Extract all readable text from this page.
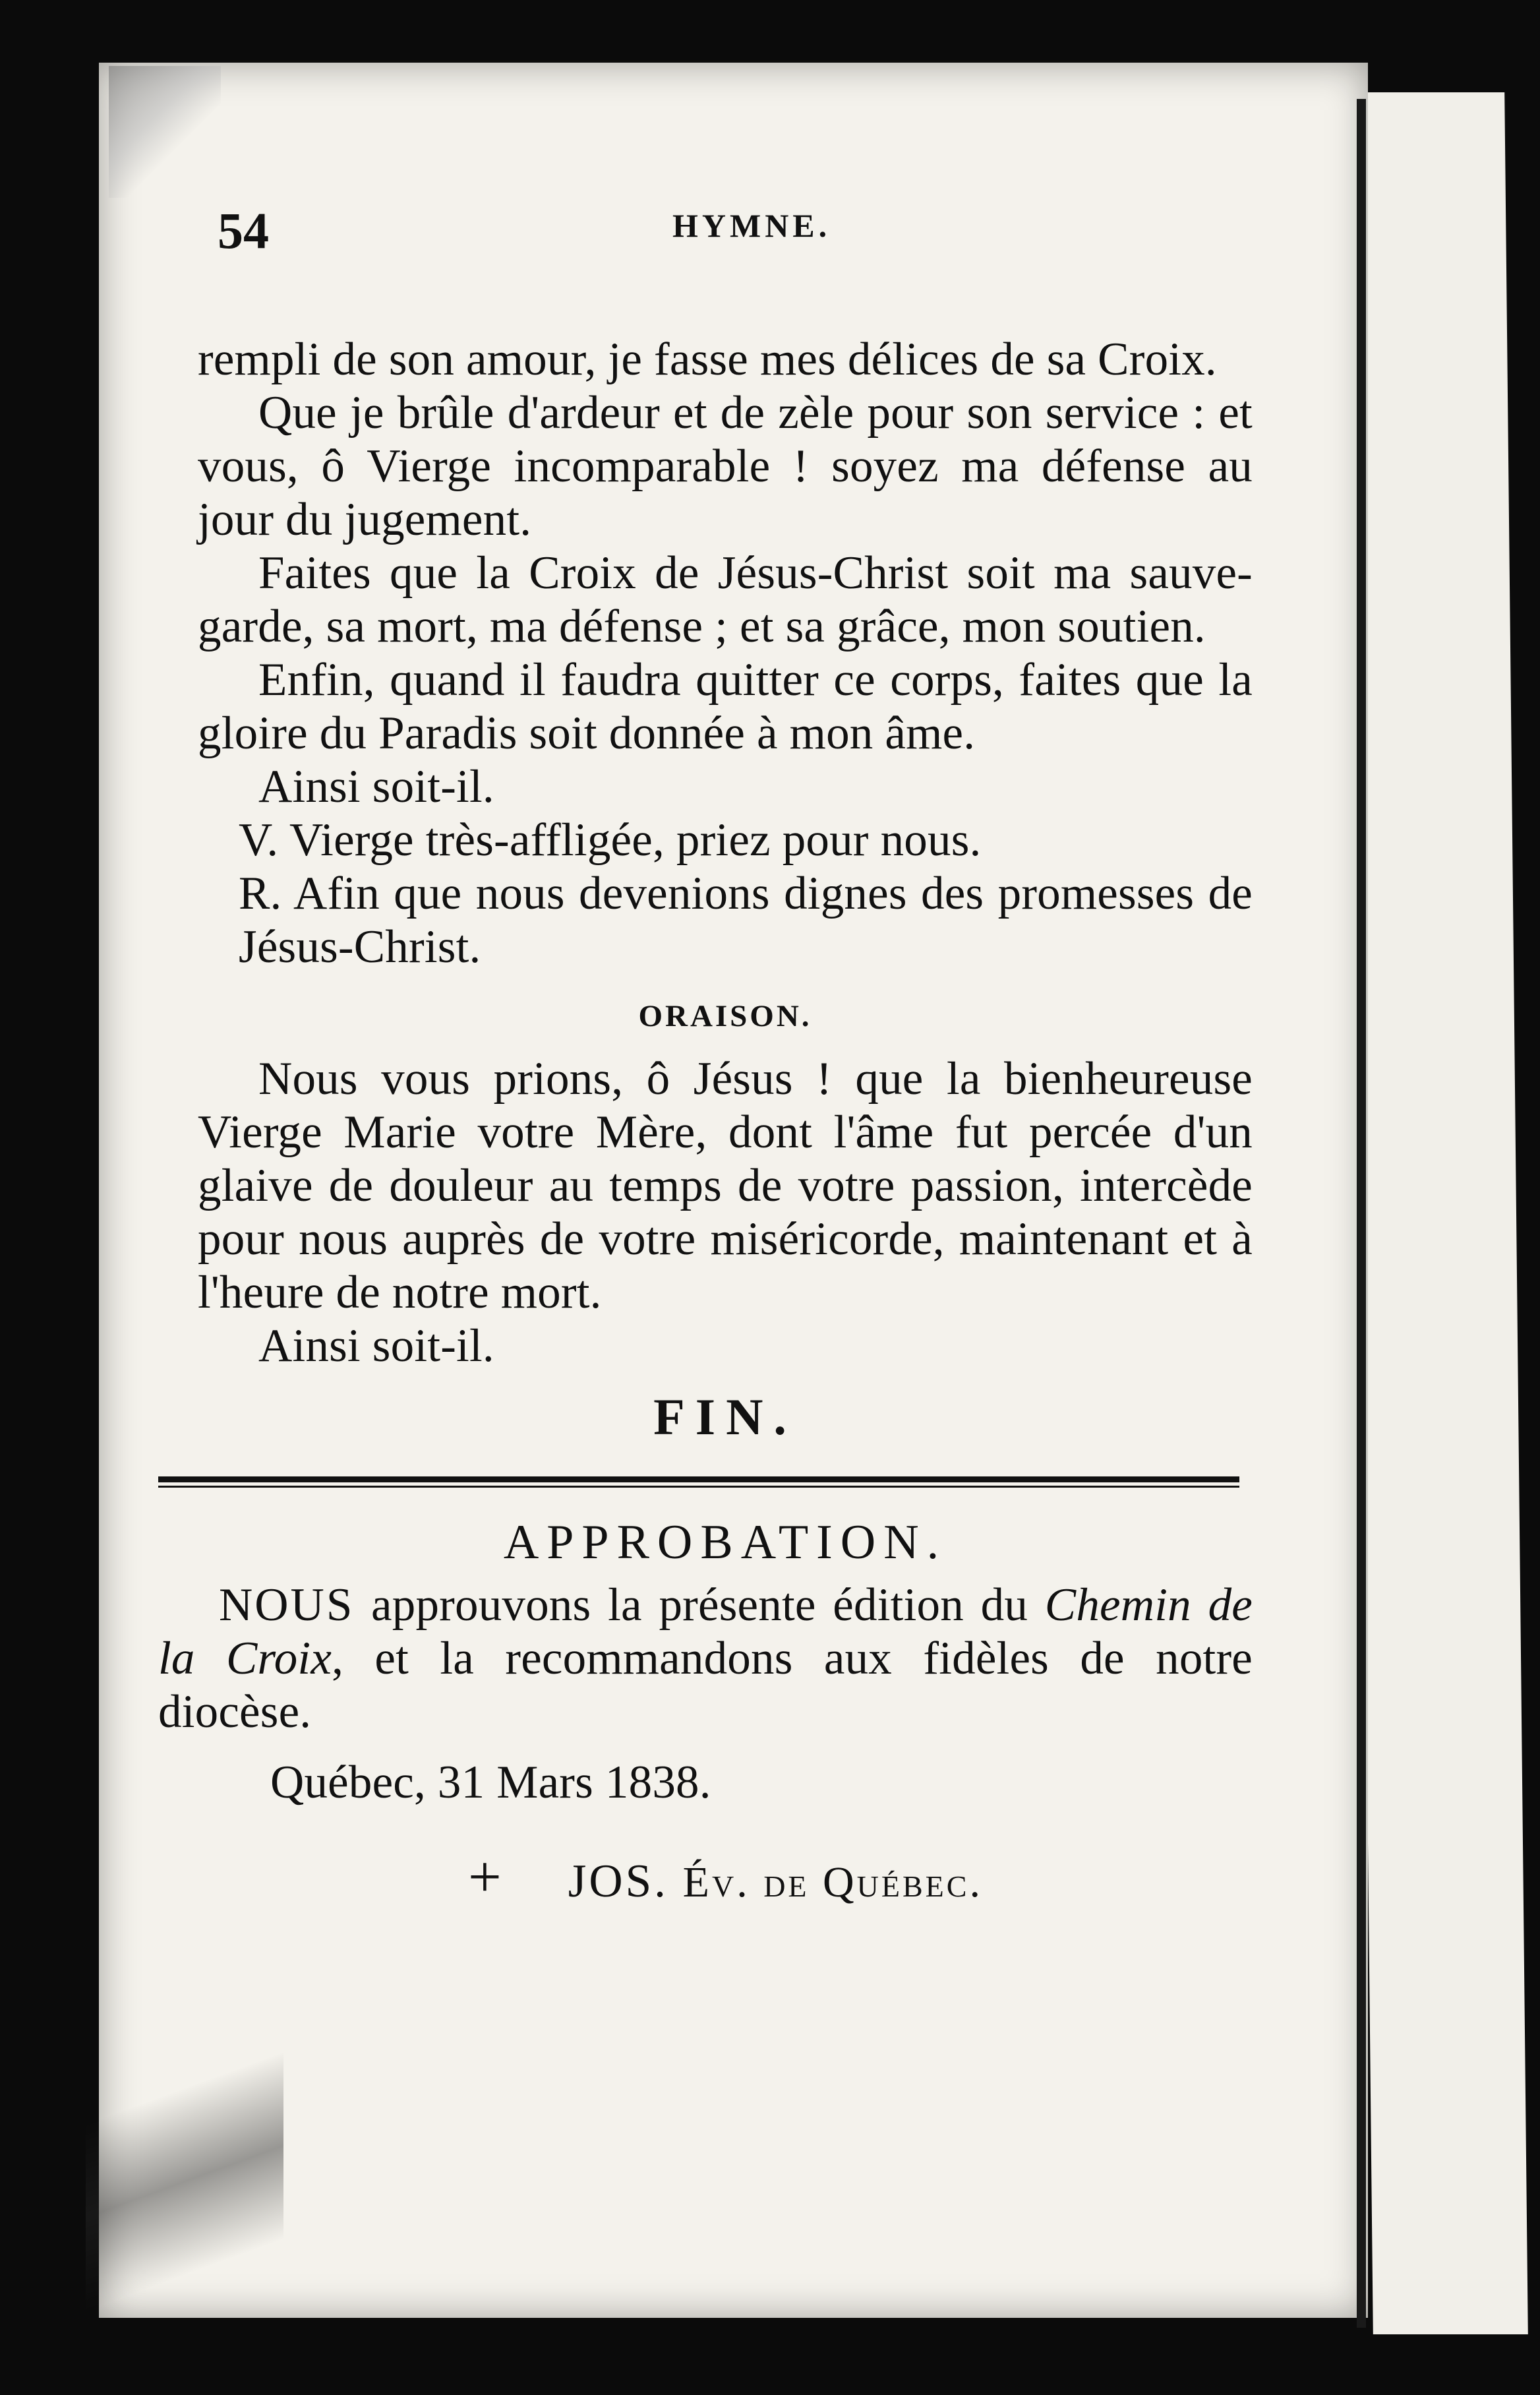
54	HYMNE.

rempli de son amour, je fasse mes délices de sa Croix.

Que je brûle d'ardeur et de zèle pour son service : et vous, ô Vierge incomparable ! soyez ma défense au jour du jugement.

Faites que la Croix de Jésus-Christ soit ma sauve-garde, sa mort, ma défense ; et sa grâce, mon soutien.

Enfin, quand il faudra quitter ce corps, faites que la gloire du Paradis soit donnée à mon âme.

Ainsi soit-il.

V. Vierge très-affligée, priez pour nous.

R. Afin que nous devenions dignes des promesses de Jésus-Christ.

ORAISON.

Nous vous prions, ô Jésus ! que la bienheureuse Vierge Marie votre Mère, dont l'âme fut percée d'un glaive de douleur au temps de votre passion, intercède pour nous auprès de votre miséricorde, maintenant et à l'heure de notre mort.

Ainsi soit-il.

FIN.
APPROBATION.

NOUS approuvons la présente édition du Chemin de la Croix, et la recommandons aux fidèles de notre diocèse.

Québec, 31 Mars 1838.

+ JOS. Év. de Québec.
